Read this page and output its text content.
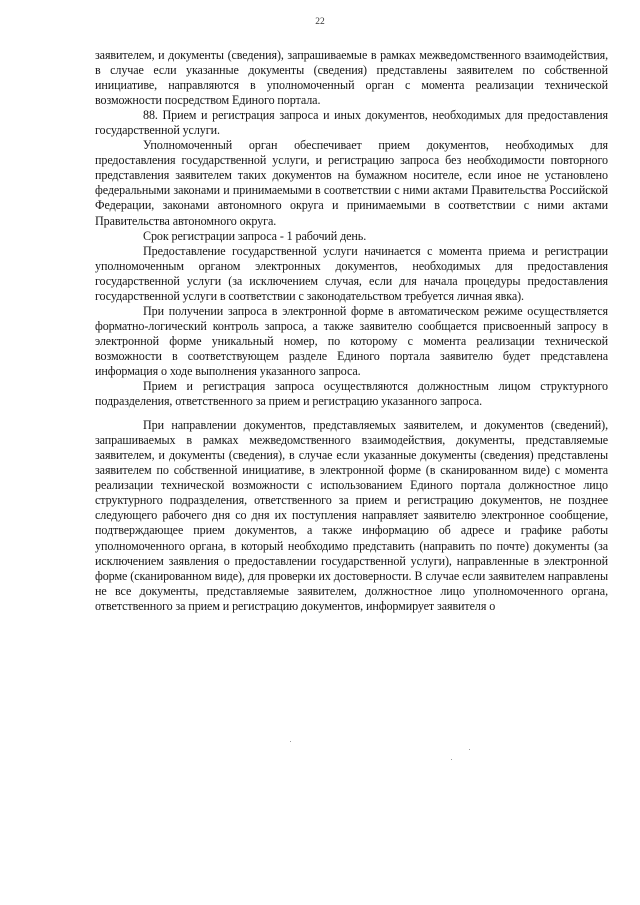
22

заявителем, и документы (сведения), запрашиваемые в рамках межведомственного взаимодействия, в случае если указанные документы (сведения) представлены заявителем по собственной инициативе, направляются в уполномоченный орган с момента реализации технической возможности посредством Единого портала.

88. Прием и регистрация запроса и иных документов, необходимых для предоставления государственной услуги.

Уполномоченный орган обеспечивает прием документов, необходимых для предоставления государственной услуги, и регистрацию запроса без необходимости повторного представления заявителем таких документов на бумажном носителе, если иное не установлено федеральными законами и принимаемыми в соответствии с ними актами Правительства Российской Федерации, законами автономного округа и принимаемыми в соответствии с ними актами Правительства автономного округа.

Срок регистрации запроса - 1 рабочий день.

Предоставление государственной услуги начинается с момента приема и регистрации уполномоченным органом электронных документов, необходимых для предоставления государственной услуги (за исключением случая, если для начала процедуры предоставления государственной услуги в соответствии с законодательством требуется личная явка).

При получении запроса в электронной форме в автоматическом режиме осуществляется форматно-логический контроль запроса, а также заявителю сообщается присвоенный запросу в электронной форме уникальный номер, по которому с момента реализации технической возможности в соответствующем разделе Единого портала заявителю будет представлена информация о ходе выполнения указанного запроса.

Прием и регистрация запроса осуществляются должностным лицом структурного подразделения, ответственного за прием и регистрацию указанного запроса.

При направлении документов, представляемых заявителем, и документов (сведений), запрашиваемых в рамках межведомственного взаимодействия, документы, представляемые заявителем, и документы (сведения), в случае если указанные документы (сведения) представлены заявителем по собственной инициативе, в электронной форме (в сканированном виде) с момента реализации технической возможности с использованием Единого портала должностное лицо структурного подразделения, ответственного за прием и регистрацию документов, не позднее следующего рабочего дня со дня их поступления направляет заявителю электронное сообщение, подтверждающее прием документов, а также информацию об адресе и графике работы уполномоченного органа, в который необходимо представить (направить по почте) документы (за исключением заявления о предоставлении государственной услуги), направленные в электронной форме (сканированном виде), для проверки их достоверности. В случае если заявителем направлены не все документы, представляемые заявителем, должностное лицо уполномоченного органа, ответственного за прием и регистрацию документов, информирует заявителя о
